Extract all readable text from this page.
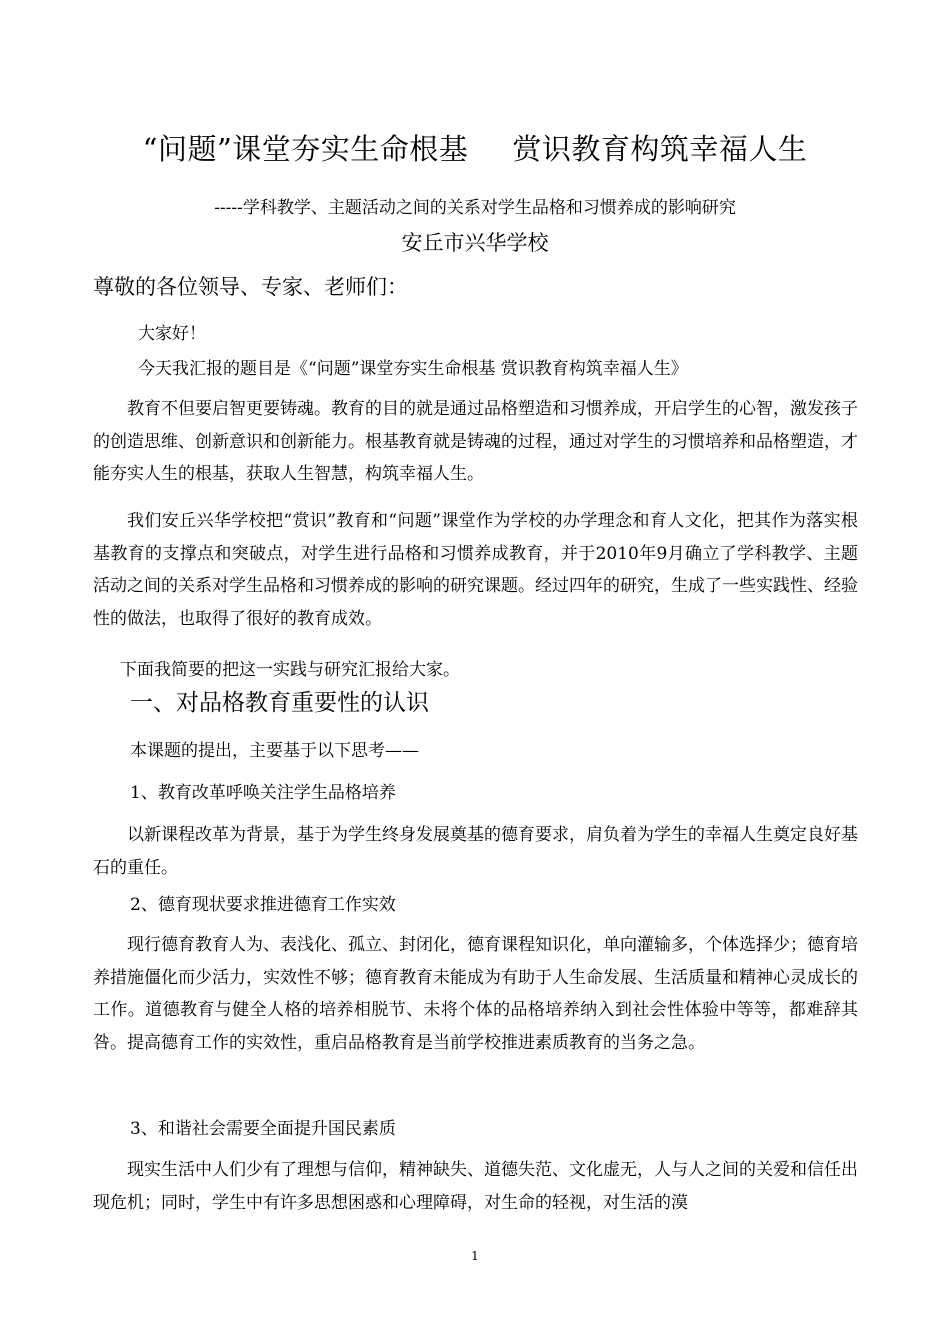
“问题”课堂夯实生命根基 赏识教育构筑幸福人生
-----学科教学、主题活动之间的关系对学生品格和习惯养成的影响研究
安丘市兴华学校
尊敬的各位领导、专家、老师们：
大家好！
今天我汇报的题目是《“问题”课堂夯实生命根基 赏识教育构筑幸福人生》
教育不但要启智更要铸魂。教育的目的就是通过品格塑造和习惯养成，开启学生的心智，激发孩子的创造思维、创新意识和创新能力。根基教育就是铸魂的过程，通过对学生的习惯培养和品格塑造，才能夯实人生的根基，获取人生智慧，构筑幸福人生。
我们安丘兴华学校把“赏识”教育和“问题”课堂作为学校的办学理念和育人文化，把其作为落实根基教育的支撑点和突破点，对学生进行品格和习惯养成教育，并于2010年9月确立了学科教学、主题活动之间的关系对学生品格和习惯养成的影响的研究课题。经过四年的研究，生成了一些实践性、经验性的做法，也取得了很好的教育成效。
下面我简要的把这一实践与研究汇报给大家。
一、对品格教育重要性的认识
本课题的提出，主要基于以下思考——
1、教育改革呼唤关注学生品格培养
以新课程改革为背景，基于为学生终身发展奠基的德育要求，肩负着为学生的幸福人生奠定良好基石的重任。
2、德育现状要求推进德育工作实效
现行德育教育人为、表浅化、孤立、封闭化，德育课程知识化，单向灌输多，个体选择少；德育培养措施僵化而少活力，实效性不够；德育教育未能成为有助于人生命发展、生活质量和精神心灵成长的工作。道德教育与健全人格的培养相脱节、未将个体的品格培养纳入到社会性体验中等等，都难辞其咎。提高德育工作的实效性，重启品格教育是当前学校推进素质教育的当务之急。
3、和谐社会需要全面提升国民素质
现实生活中人们少有了理想与信仰，精神缺失、道德失范、文化虚无，人与人之间的关爱和信任出现危机；同时，学生中有许多思想困惑和心理障碍，对生命的轻视，对生活的漠
1
